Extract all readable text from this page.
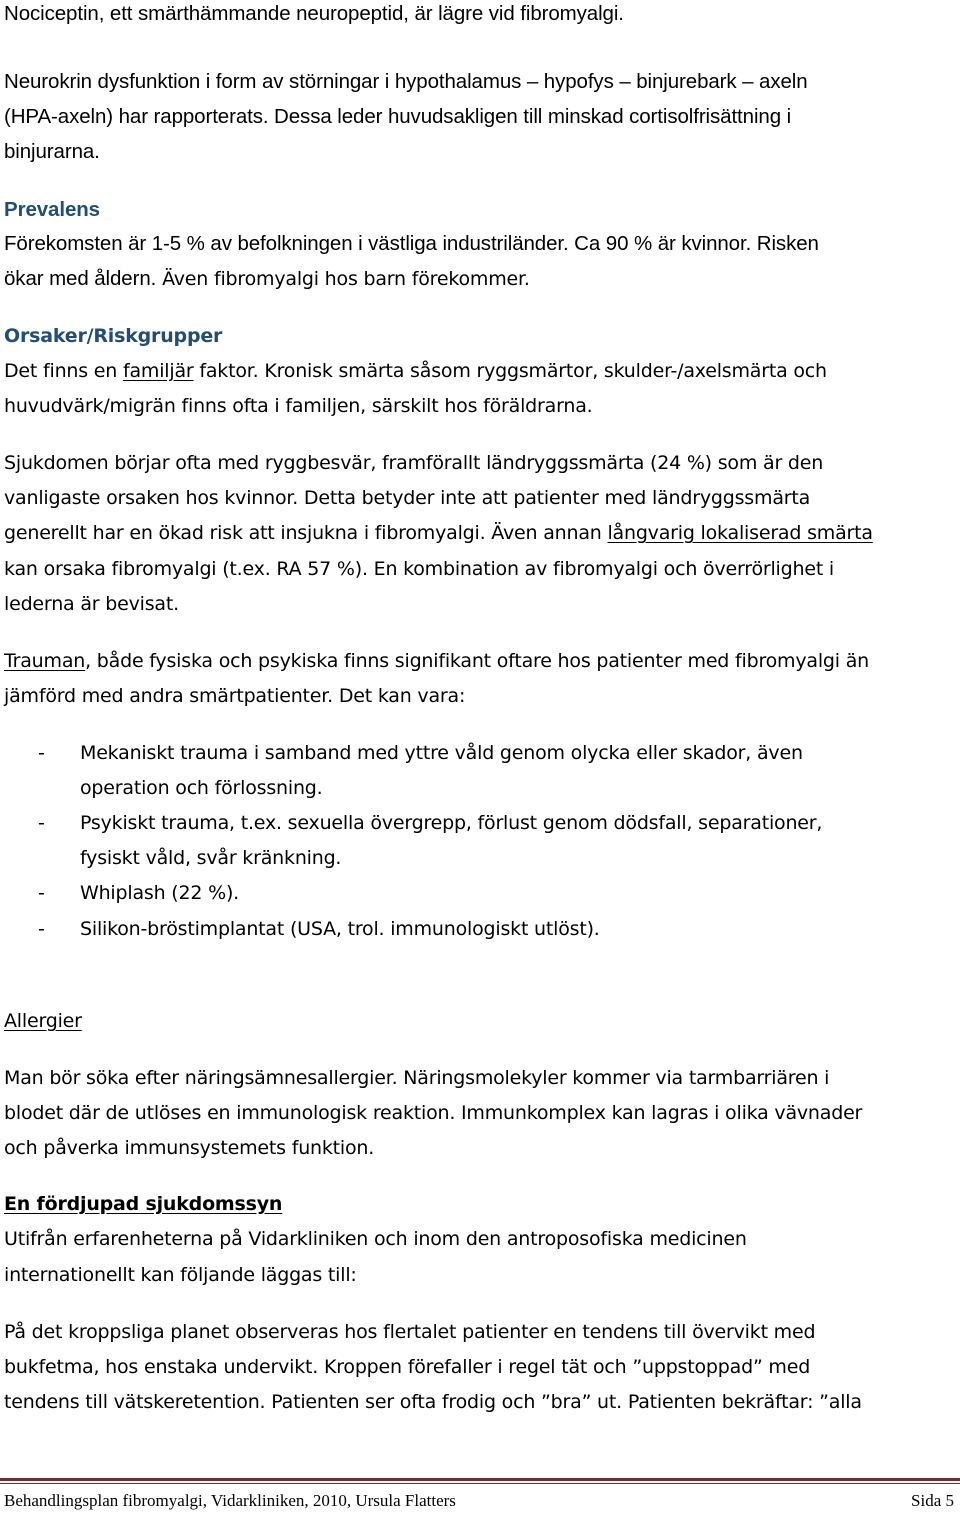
Nociceptin, ett smärthämmande neuropeptid, är lägre vid fibromyalgi.
Neurokrin dysfunktion i form av störningar i hypothalamus – hypofys – binjurebark – axeln
(HPA-axeln) har rapporterats. Dessa leder huvudsakligen till minskad cortisolfrisättning i
binjurarna.
Prevalens
Förekomsten är 1-5 % av befolkningen i västliga industriländer. Ca 90 % är kvinnor. Risken
ökar med åldern. Även fibromyalgi hos barn förekommer.
Orsaker/Riskgrupper
Det finns en familjär faktor. Kronisk smärta såsom ryggsmärtor, skulder-/axelsmärta och
huvudvärk/migrän finns ofta i familjen, särskilt hos föräldrarna.
Sjukdomen börjar ofta med ryggbesvär, framförallt ländryggssmärta (24 %) som är den
vanligaste orsaken hos kvinnor. Detta betyder inte att patienter med ländryggssmärta
generellt har en ökad risk att insjukna i fibromyalgi. Även annan långvarig lokaliserad smärta
kan orsaka fibromyalgi (t.ex. RA 57 %). En kombination av fibromyalgi och överrörlighet i
lederna är bevisat.
Trauman, både fysiska och psykiska finns signifikant oftare hos patienter med fibromyalgi än
jämförd med andra smärtpatienter. Det kan vara:
- Mekaniskt trauma i samband med yttre våld genom olycka eller skador, även
operation och förlossning.
- Psykiskt trauma, t.ex. sexuella övergrepp, förlust genom dödsfall, separationer,
fysiskt våld, svår kränkning.
- Whiplash (22 %).
- Silikon-bröstimplantat (USA, trol. immunologiskt utlöst).
Allergier
Man bör söka efter näringsämnesallergier. Näringsmolekyler kommer via tarmbarriären i
blodet där de utlöses en immunologisk reaktion. Immunkomplex kan lagras i olika vävnader
och påverka immunsystemets funktion.
En fördjupad sjukdomssyn
Utifrån erfarenheterna på Vidarkliniken och inom den antroposofiska medicinen
internationellt kan följande läggas till:
På det kroppsliga planet observeras hos flertalet patienter en tendens till övervikt med
bukfetma, hos enstaka undervikt. Kroppen förefaller i regel tät och ”uppstoppad” med
tendens till vätskeretention. Patienten ser ofta frodig och ”bra” ut. Patienten bekräftar: ”alla
Behandlingsplan fibromyalgi, Vidarkliniken, 2010, Ursula Flatters	Sida 5
